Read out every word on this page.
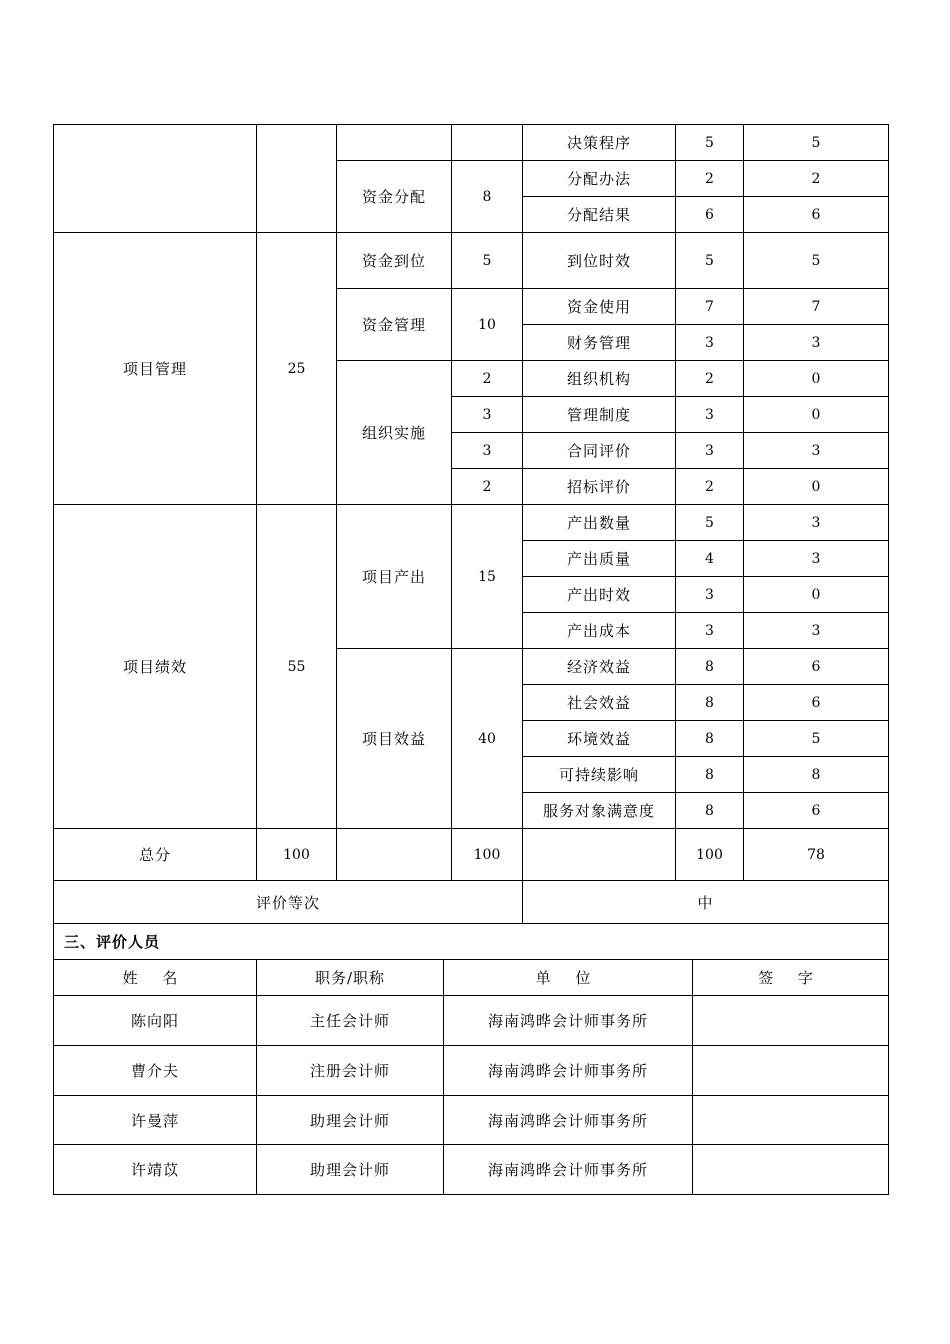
				决策程序	5	5
		资金分配	8	分配办法	2	2
				分配结果	6	6
项目管理	25	资金到位	5	到位时效	5	5
		资金管理	10	资金使用	7	7
				财务管理	3	3
		组织实施	2	组织机构	2	0
			3	管理制度	3	0
			3	合同评价	3	3
			2	招标评价	2	0
项目绩效	55	项目产出	15	产出数量	5	3
				产出质量	4	3
				产出时效	3	0
				产出成本	3	3
		项目效益	40	经济效益	8	6
				社会效益	8	6
				环境效益	8	5
				可持续影响	8	8
				服务对象满意度	8	6
总分	100		100		100	78
评价等次				中		
三、评价人员						
姓 名	职务/职称	单 位	签 字
陈向阳	主任会计师	海南鸿晔会计师事务所	
曹介夫	注册会计师	海南鸿晔会计师事务所	
许曼萍	助理会计师	海南鸿晔会计师事务所	
许靖苡	助理会计师	海南鸿晔会计师事务所	
